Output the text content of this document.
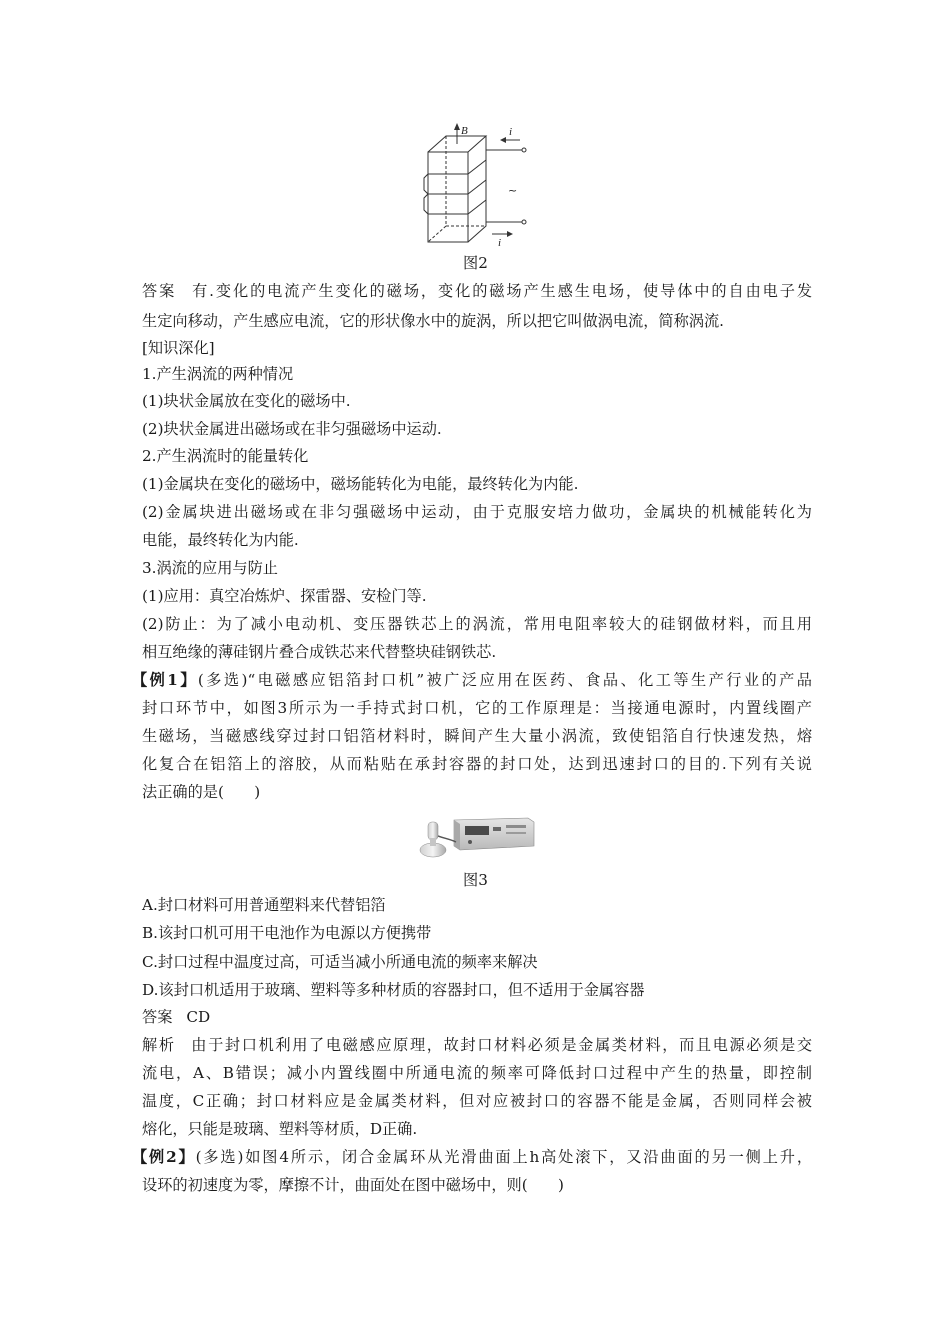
B	i
i
~
图2
答案 有.变化的电流产生变化的磁场，变化的磁场产生感生电场，使导体中的自由电子发
生定向移动，产生感应电流，它的形状像水中的旋涡，所以把它叫做涡电流，简称涡流.
[知识深化]
1.产生涡流的两种情况
(1)块状金属放在变化的磁场中.
(2)块状金属进出磁场或在非匀强磁场中运动.
2.产生涡流时的能量转化
(1)金属块在变化的磁场中，磁场能转化为电能，最终转化为内能.
(2)金属块进出磁场或在非匀强磁场中运动，由于克服安培力做功，金属块的机械能转化为
电能，最终转化为内能.
3.涡流的应用与防止
(1)应用：真空冶炼炉、探雷器、安检门等.
(2)防止：为了减小电动机、变压器铁芯上的涡流，常用电阻率较大的硅钢做材料，而且用
相互绝缘的薄硅钢片叠合成铁芯来代替整块硅钢铁芯.
【例1】(多选)“电磁感应铝箔封口机”被广泛应用在医药、食品、化工等生产行业的产品
封口环节中，如图3所示为一手持式封口机，它的工作原理是：当接通电源时，内置线圈产
生磁场，当磁感线穿过封口铝箔材料时，瞬间产生大量小涡流，致使铝箔自行快速发热，熔
化复合在铝箔上的溶胶，从而粘贴在承封容器的封口处，达到迅速封口的目的.下列有关说
法正确的是(　　)
图3
A.封口材料可用普通塑料来代替铝箔
B.该封口机可用干电池作为电源以方便携带
C.封口过程中温度过高，可适当减小所通电流的频率来解决
D.该封口机适用于玻璃、塑料等多种材质的容器封口，但不适用于金属容器
答案 CD
解析 由于封口机利用了电磁感应原理，故封口材料必须是金属类材料，而且电源必须是交
流电，A、B错误；减小内置线圈中所通电流的频率可降低封口过程中产生的热量，即控制
温度，C正确；封口材料应是金属类材料，但对应被封口的容器不能是金属，否则同样会被
熔化，只能是玻璃、塑料等材质，D正确.
【例2】(多选)如图4所示，闭合金属环从光滑曲面上h高处滚下，又沿曲面的另一侧上升，
设环的初速度为零，摩擦不计，曲面处在图中磁场中，则(　　)
